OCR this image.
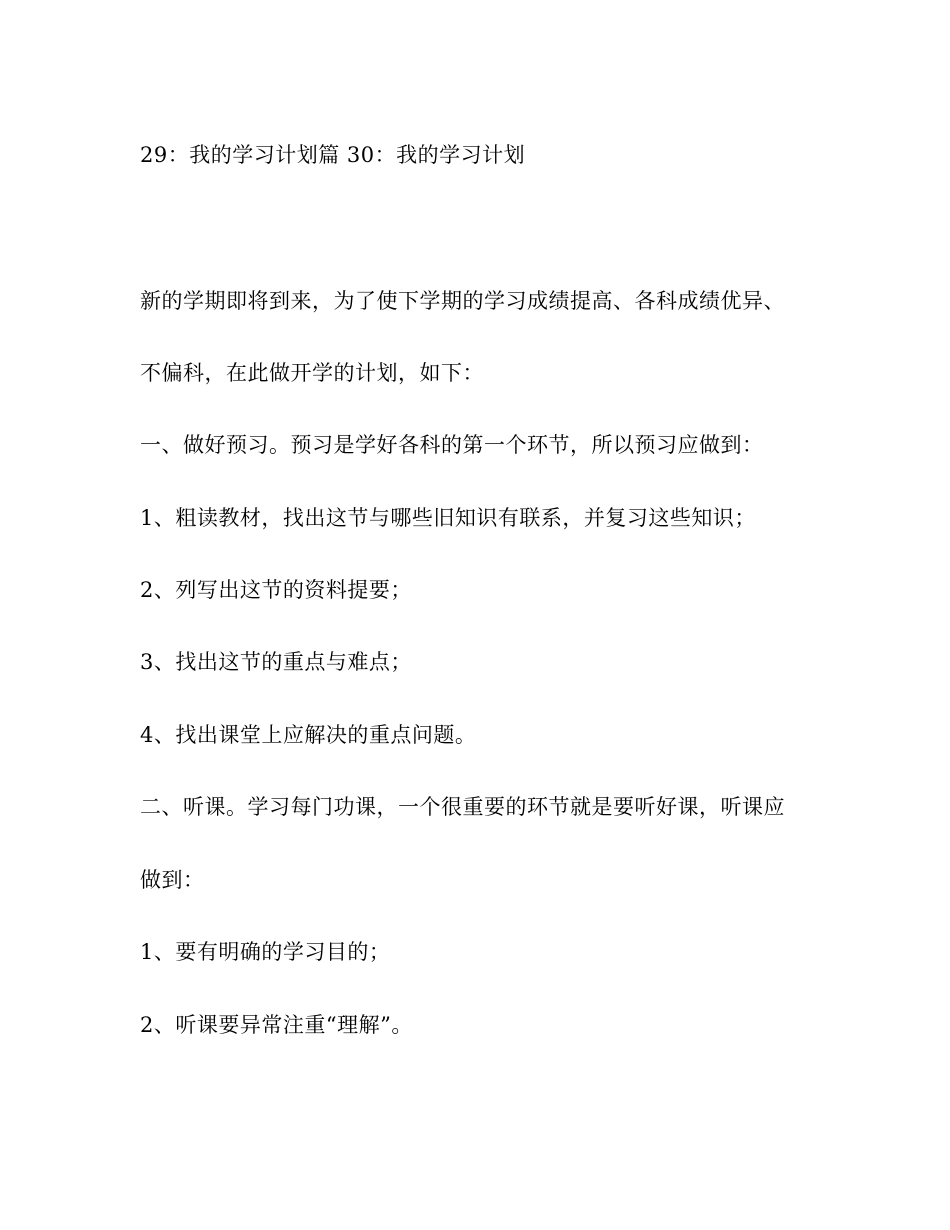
29：我的学习计划篇 30：我的学习计划
新的学期即将到来，为了使下学期的学习成绩提高、各科成绩优异、
不偏科，在此做开学的计划，如下：
一、做好预习。预习是学好各科的第一个环节，所以预习应做到：
1、粗读教材，找出这节与哪些旧知识有联系，并复习这些知识；
2、列写出这节的资料提要；
3、找出这节的重点与难点；
4、找出课堂上应解决的重点问题。
二、听课。学习每门功课，一个很重要的环节就是要听好课，听课应
做到：
1、要有明确的学习目的；
2、听课要异常注重“理解”。
